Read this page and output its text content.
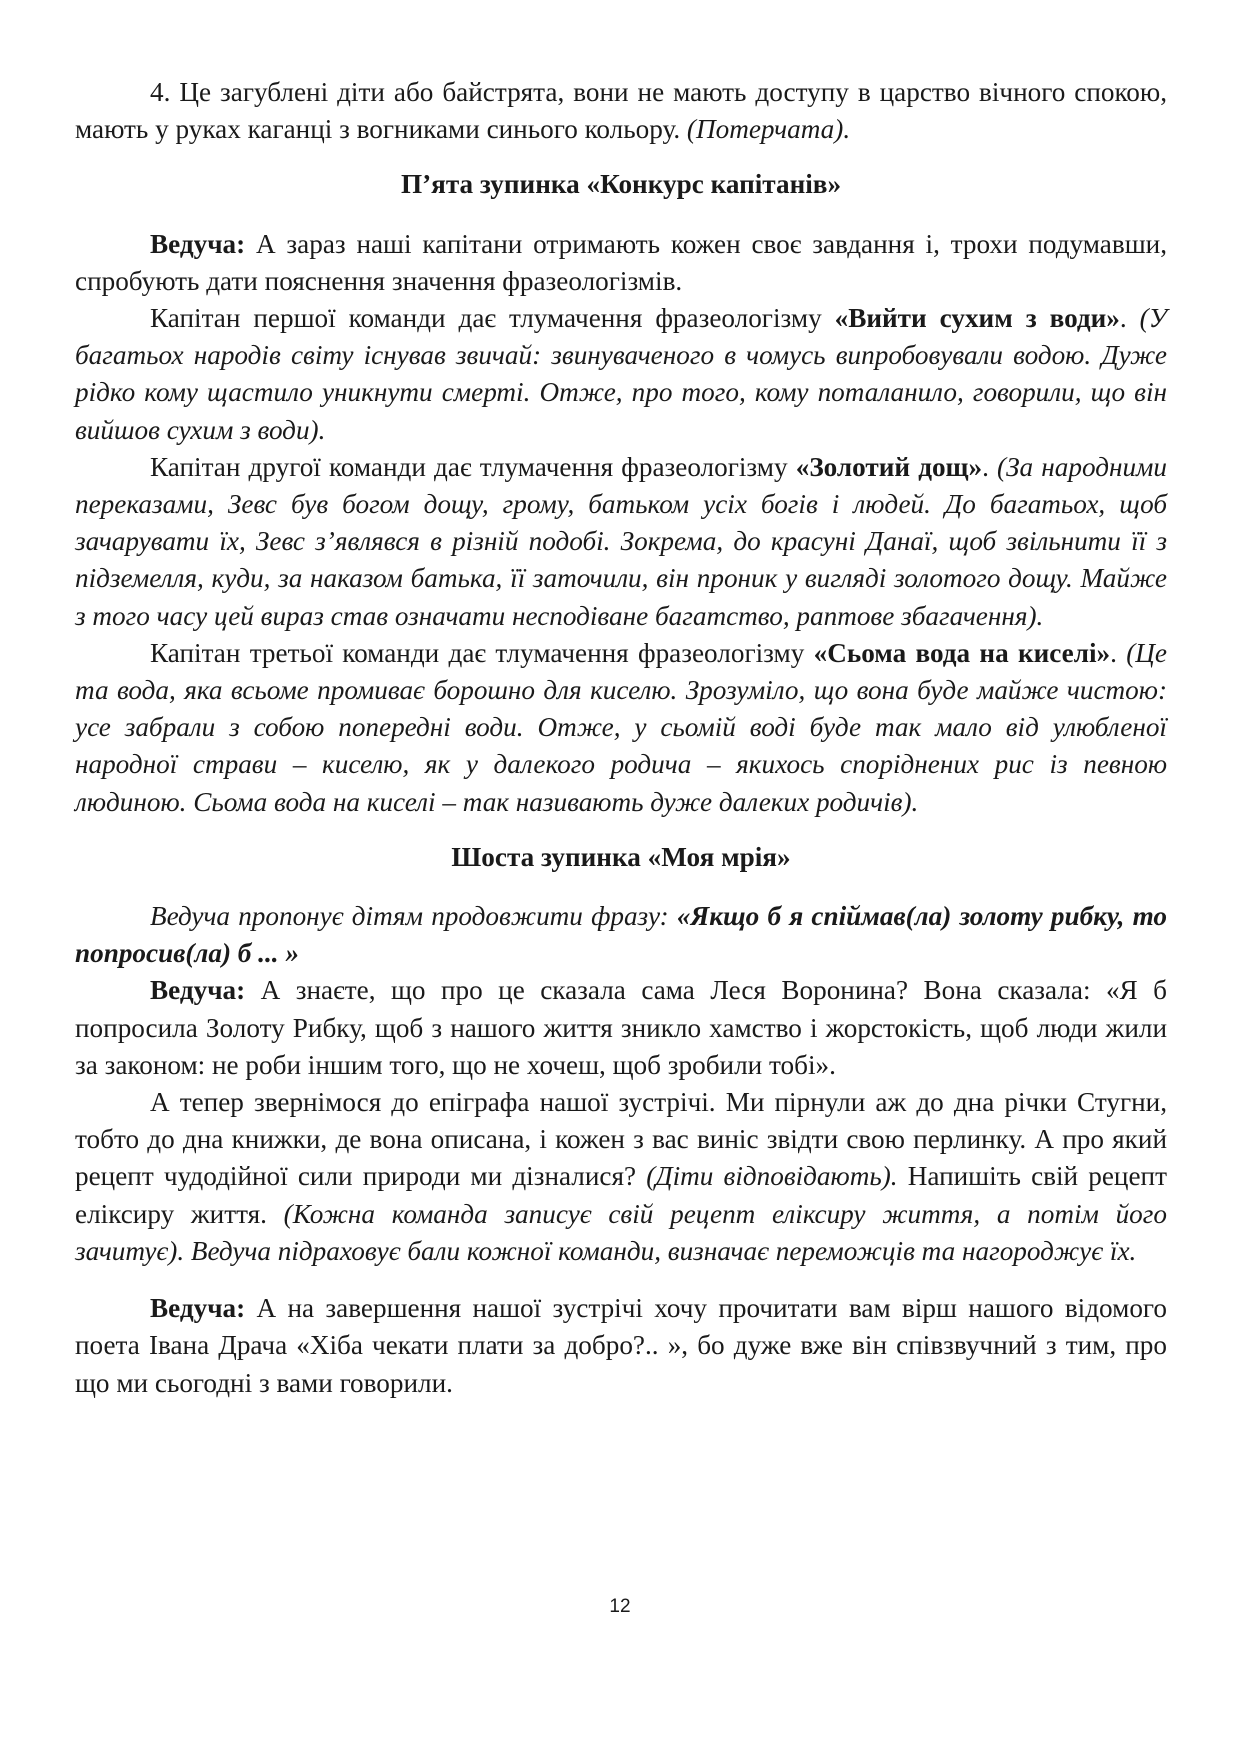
4. Це загублені діти або байстрята, вони не мають доступу в царство вічного спокою, мають у руках каганці з вогниками синього кольору. (Потерчата).

П’ята зупинка «Конкурс капітанів»

Ведуча: А зараз наші капітани отримають кожен своє завдання і, трохи подумавши, спробують дати пояснення значення фразеологізмів.

Капітан першої команди дає тлумачення фразеологізму «Вийти сухим з води». (У багатьох народів світу існував звичай: звинуваченого в чомусь випробовували водою. Дуже рідко кому щастило уникнути смерті. Отже, про того, кому поталанило, говорили, що він вийшов сухим з води).

Капітан другої команди дає тлумачення фразеологізму «Золотий дощ». (За народними переказами, Зевс був богом дощу, грому, батьком усіх богів і людей. До багатьох, щоб зачарувати їх, Зевс з’являвся в різній подобі. Зокрема, до красуні Данаї, щоб звільнити її з підземелля, куди, за наказом батька, її заточили, він проник у вигляді золотого дощу. Майже з того часу цей вираз став означати несподіване багатство, раптове збагачення).

Капітан третьої команди дає тлумачення фразеологізму «Сьома вода на киселі». (Це та вода, яка всьоме промиває борошно для киселю. Зрозуміло, що вона буде майже чистою: усе забрали з собою попередні води. Отже, у сьомій воді буде так мало від улюбленої народної страви – киселю, як у далекого родича – якихось споріднених рис із певною людиною. Сьома вода на киселі – так називають дуже далеких родичів).

Шоста зупинка «Моя мрія»

Ведуча пропонує дітям продовжити фразу: «Якщо б я спіймав(ла) золоту рибку, то попросив(ла) б ... »

Ведуча: А знаєте, що про це сказала сама Леся Воронина? Вона сказала: «Я б попросила Золоту Рибку, щоб з нашого життя зникло хамство і жорстокість, щоб люди жили за законом: не роби іншим того, що не хочеш, щоб зробили тобі».

А тепер звернімося до епіграфа нашої зустрічі. Ми пірнули аж до дна річки Стугни, тобто до дна книжки, де вона описана, і кожен з вас виніс звідти свою перлинку. А про який рецепт чудодійної сили природи ми дізналися? (Діти відповідають). Напишіть свій рецепт еліксиру життя. (Кожна команда записує свій рецепт еліксиру життя, а потім його зачитує). Ведуча підраховує бали кожної команди, визначає переможців та нагороджує їх.

Ведуча: А на завершення нашої зустрічі хочу прочитати вам вірш нашого відомого поета Івана Драча «Хіба чекати плати за добро?.. », бо дуже вже він співзвучний з тим, про що ми сьогодні з вами говорили.

12
